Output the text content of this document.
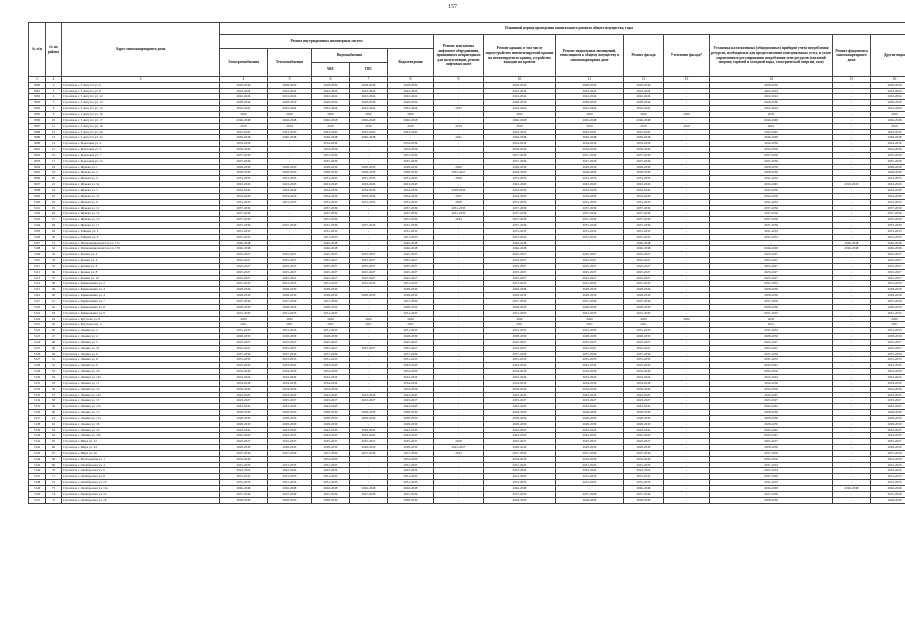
157
№ п/п	№ по району	Адрес многоквартирного дома	Плановый период проведения капитального ремонта общего имущества, годы												
			Ремонт внутридомовых инженерных систем					Ремонт или замена лифтового оборудования, признанного непригодным для эксплуатации, ремонт лифтовых шахт	Ремонт крыши, в том числе переустройство невентилируемой крыши на вентилируемую крышу, устройство выходов на кровлю	Ремонт подвальных помещений, относящихся к общему имуществу в многоквартирном доме	Ремонт фасада	Утепление фасада*	Установка коллективных (общедомовых) приборов учета потребления ресурсов, необходимых для предоставления коммунальных услуг, и узлов управления и регулирования потребления этих ресурсов (тепловой энергии, горячей и холодной воды, электрической энергии, газа)	Ремонт фундамента многоквартирного дома	Другие виды
			Электроснабжения	Теплоснабжения	Водоснабжения		Водоотведения								
					ХВС	ГВС									
1	2	3	4	5	6	7	8	9	10	11	12	13	14	15	16
5080	4	Строитель г, 5 Августа ул, 6	2028-2030	2028-2030	2028-2030	2028-2030	2028-2030	-	2028-2030	2028-2030	2028-2030	-	2028-2030	-	2028-2030
5081	5	Строитель г, 5 Августа ул, 8	2022-2024	2022-2024	2022-2024	2022-2024	2022-2024	-	2022-2024	2022-2024	2022-2024	-	2022-2024	-	2022-2024
5082	6	Строитель г, 5 Августа ул, 12	2022-2024	2022-2024	2022-2024	2022-2024	2022-2024	-	2022-2024	2022-2024	2022-2024	-	2022-2024	-	2022-2024
5083	7	Строитель г, 5 Августа ул, 14	2028-2030	2028-2030	2028-2030	2028-2030	2028-2030	-	2028-2030	2028-2030	2028-2030	-	2028-2030	-	2028-2030
5084	8	Строитель г, 5 Августа ул, 15	2022-2024	2022-2024	2022-2024	2022-2024	2022-2024	2023	2022-2024	2022-2024	2022-2024	-	2022-2024	-	2022-2024
5085	9	Строитель г, 5 Августа ул, 16	2020	2020	2020	2020	2020	-	2020	2020	2020	2020	2020	-	2020
5086	10	Строитель г, 5 Августа ул, 17	2046-2048	2046-2048	2046-2048	2046-2048	2046-2048	-	2046-2048	2046-2048	2046-2048	-	2046-2048	-	2046-2048
5087	11	Строитель г, 5 Августа ул, 18	2019	2019	2019	2019	2019	2019	2019	2019	2019	2019	2019	-	2019
5088	12	Строитель г, 5 Августа ул, 20	2043-2045	2043-2045	2043-2045	2043-2045	2043-2045	-	2043-2045	2043-2045	2043-2045	-	2043-2045	-	2043-2045
5089	13	Строитель г, 5 Августа ул, 22	2046-2048	2046-2048	2046-2048	2046-2048	-	2041	2046-2048	2046-2048	2046-2048	-	2046-2048	-	2046-2048
5090	14	Строитель г, Березовая ул, 4	2034-2036	-	2034-2036	-	2034-2036	-	2034-2036	2034-2036	2034-2036	-	2034-2036	-	2034-2036
5091	15	Строитель г, Березовая ул, 5	2034-2036	-	2034-2036	-	2034-2036	-	2034-2036	2034-2036	2034-2036	-	2034-2036	-	2034-2036
5092	16	Строитель г, Березовая ул, 7	2037-2039	-	2037-2039	-	2037-2039	-	2037-2039	2037-2039	2037-2039	-	2037-2039	-	2037-2039
5093	17	Строитель г, Березовая ул, 7а	2037-2039	-	2037-2039	-	2037-2039	-	2037-2039	2037-2039	2037-2039	-	2037-2039	-	2037-2039
5094	18	Строитель г, Жукова ул, 1	2028-2030	2028-2030	2028-2030	2028-2030	2028-2030	2028	2028-2030	2028-2030	2028-2030	-	2028-2030	-	2028-2030
5095	19	Строитель г, Жукова ул, 3	2028-2030	2028-2030	2028-2030	2028-2030	2028-2030	2025-2027	2028-2030	2028-2030	2028-2030	-	2028-2030	-	2028-2030
5096	20	Строитель г, Жукова ул, 5	2031-2033	2031-2033	2031-2033	2031-2033	2031-2033	2028	2031-2033	2031-2033	2031-2033	-	2031-2033	-	2031-2033
5097	21	Строитель г, Жукова ул, 5а	2043-2045	2043-2045	2043-2045	2043-2045	2043-2045	-	2043-2045	2043-2045	2043-2045	-	2043-2045	2043-2045	2043-2045
5098	22	Строитель г, Жукова ул, 7	2034-2036	2034-2036	2034-2036	2034-2036	2034-2036	2028-2030	2034-2036	2034-2036	2034-2036	-	2034-2036	-	2034-2036
5099	23	Строитель г, Жукова ул, 7а	2034-2036	2034-2036	2034-2036	2034-2036	2034-2036	2031	2034-2036	2034-2036	2034-2036	-	2034-2036	-	2034-2036
5100	24	Строитель г, Жукова ул, 9	2031-2033	2031-2033	2031-2033	2031-2033	2031-2033	2028	2031-2033	2031-2033	2031-2033	-	2031-2033	-	2031-2033
5101	25	Строитель г, Жукова ул, 11	2037-2039	-	2037-2039	-	2037-2039	2031-2033	2037-2039	2037-2039	2037-2039	-	2037-2039	-	2037-2039
5102	26	Строитель г, Жукова ул, 13	2037-2039	-	2037-2039	-	2037-2039	2031-2033	2037-2039	2037-2039	2037-2039	-	2037-2039	-	2037-2039
5103	27	Строитель г, Жукова ул, 15	2037-2039	-	2037-2039	-	2037-2039	2034	2037-2039	2037-2039	2037-2039	-	2037-2039	-	2037-2039
5104	28	Строитель г, Жукова ул, 17	2037-2039	2037-2039	2037-2039	2037-2039	2037-2039	-	2037-2039	2037-2039	2037-2039	-	2037-2039	-	2037-2039
5105	29	Строитель г, Зайцева ул, 2	2031-2033	-	2031-2033	-	2031-2033	-	2031-2033	2031-2033	2031-2033	-	2031-2033	-	2031-2033
5106	30	Строитель г, Зайцева ул, 4	2031-2033	-	2031-2033	-	2031-2033	-	2031-2033	2031-2033	2031-2033	-	2031-2033	-	2031-2033
5107	31	Строитель г, Интернационалистов ул, 17а	2046-2048	-	2046-2048	-	2046-2048	-	2046-2048	-	2046-2048	-	-	2046-2048	2046-2048
5108	32	Строитель г, Интернационалистов ул, 17Б	2046-2048	-	2046-2048	-	2046-2048	-	2046-2048	-	2046-2048	-	2046-2048	2046-2048	2046-2048
5109	33	Строитель г, Конева ул, 2	2025-2027	2025-2027	2025-2027	2025-2027	2025-2027	-	2025-2027	2025-2027	2025-2027	-	2025-2027	-	2025-2027
5110	34	Строитель г, Конева ул, 4	2025-2027	2025-2027	2025-2027	2025-2027	2025-2027	-	2025-2027	2025-2027	2025-2027	-	2025-2027	-	2025-2027
5111	35	Строитель г, Конева ул, 6	2025-2027	2025-2027	2025-2027	2025-2027	2025-2027	-	2025-2027	2025-2027	2025-2027	-	2025-2027	-	2025-2027
5112	36	Строитель г, Конева ул, 8	2025-2027	2025-2027	2025-2027	2025-2027	2025-2027	-	2025-2027	2025-2027	2025-2027	-	2025-2027	-	2025-2027
5113	37	Строитель г, Конева ул, 10	2025-2027	2025-2027	2025-2027	2025-2027	2025-2027	-	2025-2027	2025-2027	2025-2027	-	2025-2027	-	2025-2027
5114	38	Строитель г, Кривошеина ул, 2	2031-2033	2031-2033	2031-2033	2031-2033	2031-2033	-	2031-2033	2031-2033	2031-2033	-	2031-2033	-	2031-2033
5115	39	Строитель г, Кривошеина ул, 3	2028-2030	2028-2030	2028-2030	-	2028-2030	-	2046-2048	2028-2030	2028-2030	-	2028-2030	-	2028-2030
5116	40	Строитель г, Кривошеина ул, 4	2028-2030	2028-2030	2028-2030	2028-2030	2028-2030	-	2028-2030	2028-2030	2028-2030	-	2028-2030	-	2028-2030
5117	41	Строитель г, Кривошеина ул, 7	2037-2039	2037-2039	2037-2039	-	2037-2039	-	2037-2039	2037-2039	2037-2039	-	2037-2039	-	2037-2039
5118	42	Строитель г, Кривошеина ул, 8	2028-2030	2028-2030	2028-2030	-	2028-2030	-	2028-2030	2028-2030	2028-2030	-	2028-2030	-	2028-2030
5119	43	Строитель г, Кривошеина ул, 9	2031-2033	2031-2033	2031-2033	-	2031-2033	-	2031-2033	2031-2033	2031-2033	-	2031-2033	-	2031-2033
5120	44	Строитель г, Кутузова ул, 8	2020	2020	2020	2020	2020	-	2020	2020	2020	2020	2020	-	2020
5121	45	Строитель г, Кутузова пер, 3	2021	2021	2021	2021	2021	-	2021	2021	2021	-	2021	-	2021
5122	46	Строитель г, Ленина ул, 2	2031-2033	2031-2033	2031-2033	-	2031-2033	-	2031-2033	2031-2033	2031-2033	-	2031-2033	-	2031-2033
5123	47	Строитель г, Ленина ул, 4	2028-2030	2028-2030	2028-2030	-	2028-2030	-	2028-2030	2028-2030	2028-2030	-	2028-2030	-	2028-2030
5124	48	Строитель г, Ленина ул, 5	2025-2027	2025-2027	2025-2027	-	2025-2027	-	2025-2027	2025-2027	2025-2027	-	2025-2027	-	2025-2027
5125	49	Строитель г, Ленина ул, 5а	2025-2027	2025-2027	2025-2027	2025-2027	2025-2027	-	2025-2027	2025-2027	2025-2027	-	2025-2027	-	2025-2027
5126	50	Строитель г, Ленина ул, 6	2037-2039	2037-2039	2037-2039	-	2037-2039	-	2037-2039	2037-2039	2037-2039	-	2037-2039	-	2037-2039
5127	51	Строитель г, Ленина ул, 8	2031-2033	2031-2033	2031-2033	-	2031-2033	-	2031-2033	2031-2033	2031-2033	-	2031-2033	-	2031-2033
5128	52	Строитель г, Ленина ул, 9	2043-2045	2043-2045	2043-2045	-	2043-2045	-	2043-2045	2043-2045	2043-2045	-	2043-2045	-	2043-2045
5129	53	Строитель г, Ленина ул, 10	2034-2036	2034-2036	2034-2036	-	2034-2036	-	2034-2036	2034-2036	2034-2036	-	2034-2036	-	2034-2036
5130	54	Строитель г, Ленина ул, 10а	2022-2024	2022-2024	2022-2024	-	2022-2024	-	2022-2024	2022-2024	2022-2024	-	2022-2024	-	2022-2024
5131	55	Строитель г, Ленина ул, 11	2034-2036	2034-2036	2034-2036	-	2034-2036	-	2034-2036	2034-2036	2034-2036	-	2034-2036	-	2034-2036
5132	56	Строитель г, Ленина ул, 12	2034-2036	2034-2036	2034-2036	-	2034-2036	-	2034-2036	2034-2036	2034-2036	-	2034-2036	-	2034-2036
5133	57	Строитель г, Ленина ул, 12а	2043-2045	2043-2045	2043-2045	2043-2045	2043-2045	-	2043-2045	2043-2045	2043-2045	-	2043-2045	-	2043-2045
5134	58	Строитель г, Ленина ул, 13	2025-2027	2025-2027	2025-2027	2025-2027	2025-2027	-	2025-2027	2025-2027	2025-2027	-	2025-2027	-	2025-2027
5135	59	Строитель г, Ленина ул, 15а	2043-2045	2043-2045	2043-2045	-	2043-2045	-	2043-2045	2043-2045	2043-2045	-	2043-2045	-	2043-2045
5136	60	Строитель г, Ленина ул, 17	2028-2030	2028-2030	2028-2030	2028-2030	2028-2030	-	2028-2030	2028-2030	2028-2030	-	2028-2030	-	2028-2030
5137	61	Строитель г, Ленина ул, 17а	2028-2030	2028-2030	2028-2030	2028-2030	2028-2030	-	2028-2030	2028-2030	2028-2030	-	2028-2030	-	2028-2030
5138	62	Строитель г, Ленина ул, 18	2028-2030	2028-2030	2028-2030	-	2028-2030	-	2028-2030	2028-2030	2028-2030	-	2028-2030	-	2028-2030
5139	63	Строитель г, Ленина ул, 19	2043-2045	2043-2045	2043-2045	2043-2045	2043-2045	-	2043-2045	2043-2045	2043-2045	-	2043-2045	-	2043-2045
5140	64	Строитель г, Ленина ул, 19а	2043-2045	2043-2045	2043-2045	2043-2045	2043-2045	-	2043-2045	2043-2045	2043-2045	-	2043-2045	-	2043-2045
5141	65	Строитель г, Мира ул, 12	2025-2027	2025-2027	2025-2027	2025-2027	2025-2027	2028	2025-2027	2025-2027	2025-2027	-	2025-2027	-	2025-2027
5142	66	Строитель г, Мира ул, 24	2028-2030	2028-2030	2028-2030	2028-2030	2028-2030	2025-2027	2028-2030	2028-2030	2028-2030	-	2028-2030	-	2028-2030
5143	67	Строитель г, Мира ул, 26	2037-2039	2037-2039	2037-2039	2037-2039	2037-2039	2034	2037-2039	2037-2039	2037-2039	-	2037-2039	-	2037-2039
5144	68	Строитель г, Молодежная ул, 1	2034-2036	-	2034-2036	-	2034-2036	-	2034-2036	2034-2036	2034-2036	-	2034-2036	-	2034-2036
5145	69	Строитель г, Октябрьская ул, 4	2031-2033	2031-2033	2031-2033	-	2031-2033	-	2031-2033	2031-2033	2031-2033	-	2031-2033	-	2031-2033
5146	70	Строитель г, Октябрьская ул, 6	2022-2024	2022-2024	2022-2024	-	2022-2024	-	2022-2024	2022-2024	2022-2024	-	2022-2024	-	2022-2024
5147	71	Строитель г, Октябрьская ул, 8	2031-2033	2031-2033	2031-2033	-	2031-2033	-	2031-2033	2031-2033	2031-2033	-	2031-2033	-	2031-2033
5148	72	Строитель г, Октябрьская ул, 10	2031-2033	2031-2033	2031-2033	-	2031-2033	-	2031-2033	2031-2033	2031-2033	-	2031-2033	-	2031-2033
5149	73	Строитель г, Октябрьская ул, 12а	2046-2048	2046-2048	2046-2048	2046-2048	2046-2048	-	2046-2048	-	2046-2048	-	2046-2048	2046-2048	2046-2048
5150	74	Строитель г, Октябрьская ул, 16	2037-2039	2037-2039	2037-2039	2037-2039	2037-2039	-	2037-2039	2037-2039	2037-2039	-	2037-2039	-	2037-2039
5151	75	Строитель г, Октябрьская ул, 18	2028-2030	2028-2030	2028-2030	-	2028-2030	-	2028-2030	2028-2030	2028-2030	-	2028-2030	-	2028-2030
